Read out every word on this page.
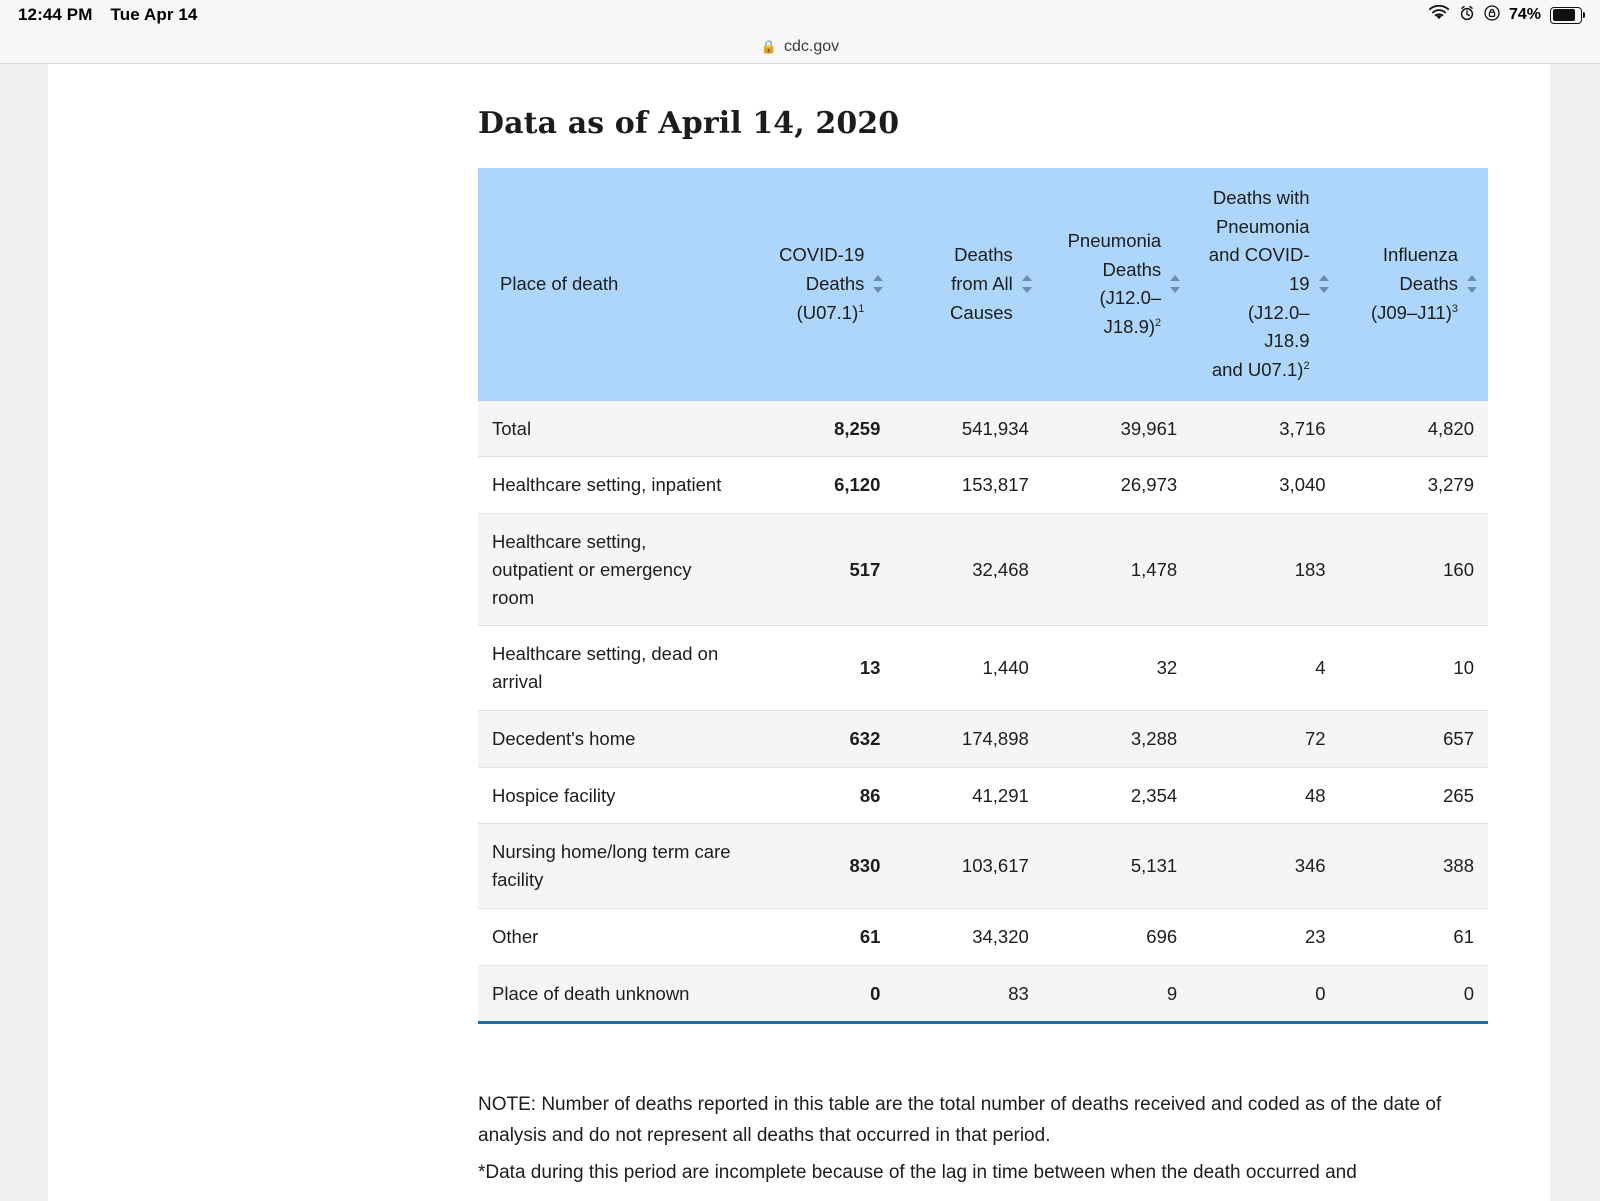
12:44 PM Tue Apr 14	74%
🔒 cdc.gov
Data as of April 14, 2020
Place of death	COVID-19
Deaths
$(U07.1)^1$
	Deaths
from All
Causes
	Pneumonia
Deaths
(J12.0–
J18.9)$^2$
	Deaths with
Pneumonia
and COVID-
19
(J12.0–J18.9
and U07.1)$^2$
	Influenza
Deaths
$(J09-J11)^3$

Total	8,259	541,934	39,961	3,716	4,820
Healthcare setting, inpatient	6,120	153,817	26,973	3,040	3,279
Healthcare setting, outpatient or emergency room	517	32,468	1,478	183	160
Healthcare setting, dead on arrival	13	1,440	32	4	10
Decedent's home	632	174,898	3,288	72	657
Hospice facility	86	41,291	2,354	48	265
Nursing home/long term care facility	830	103,617	5,131	346	388
Other	61	34,320	696	23	61
Place of death unknown	0	83	9	0	0

NOTE: Number of deaths reported in this table are the total number of deaths received and coded as of the date of analysis and do not represent all deaths that occurred in that period.

*Data during this period are incomplete because of the lag in time between when the death occurred and
